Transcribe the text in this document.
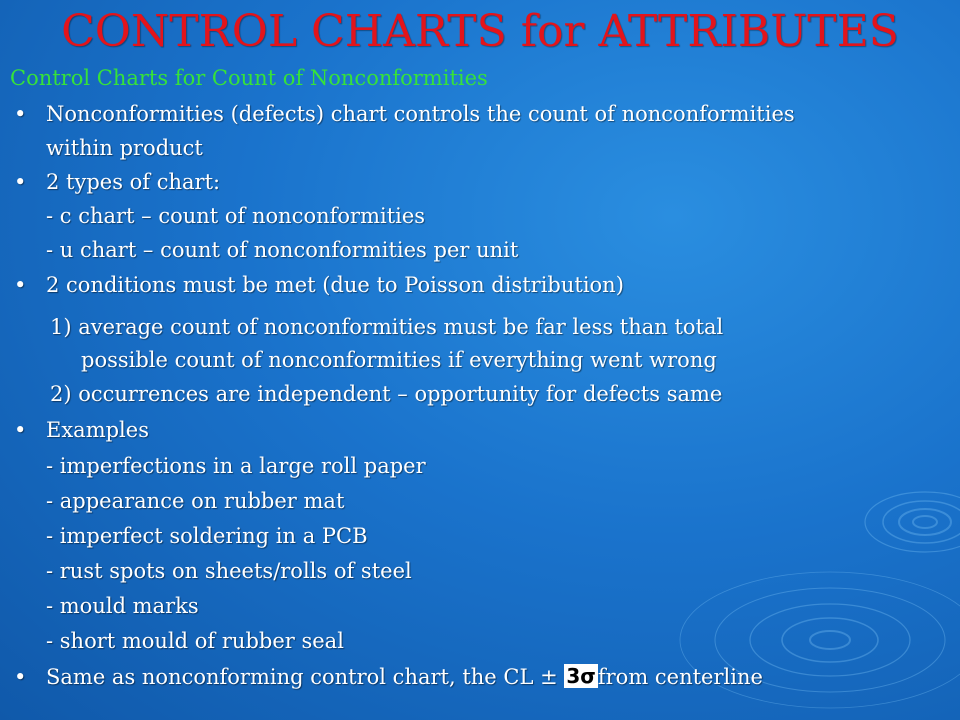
CONTROL CHARTS for ATTRIBUTES
Control Charts for Count of Nonconformities
• Nonconformities (defects) chart controls the count of nonconformities
within product
• 2 types of chart:
- c chart – count of nonconformities
- u chart – count of nonconformities per unit
• 2 conditions must be met (due to Poisson distribution)
1) average count of nonconformities must be far less than total
possible count of nonconformities if everything went wrong
2) occurrences are independent – opportunity for defects same
• Examples
- imperfections in a large roll paper
- appearance on rubber mat
- imperfect soldering in a PCB
- rust spots on sheets/rolls of steel
- mould marks
- short mould of rubber seal
• Same as nonconforming control chart, the CL ± 3σfrom centerline
